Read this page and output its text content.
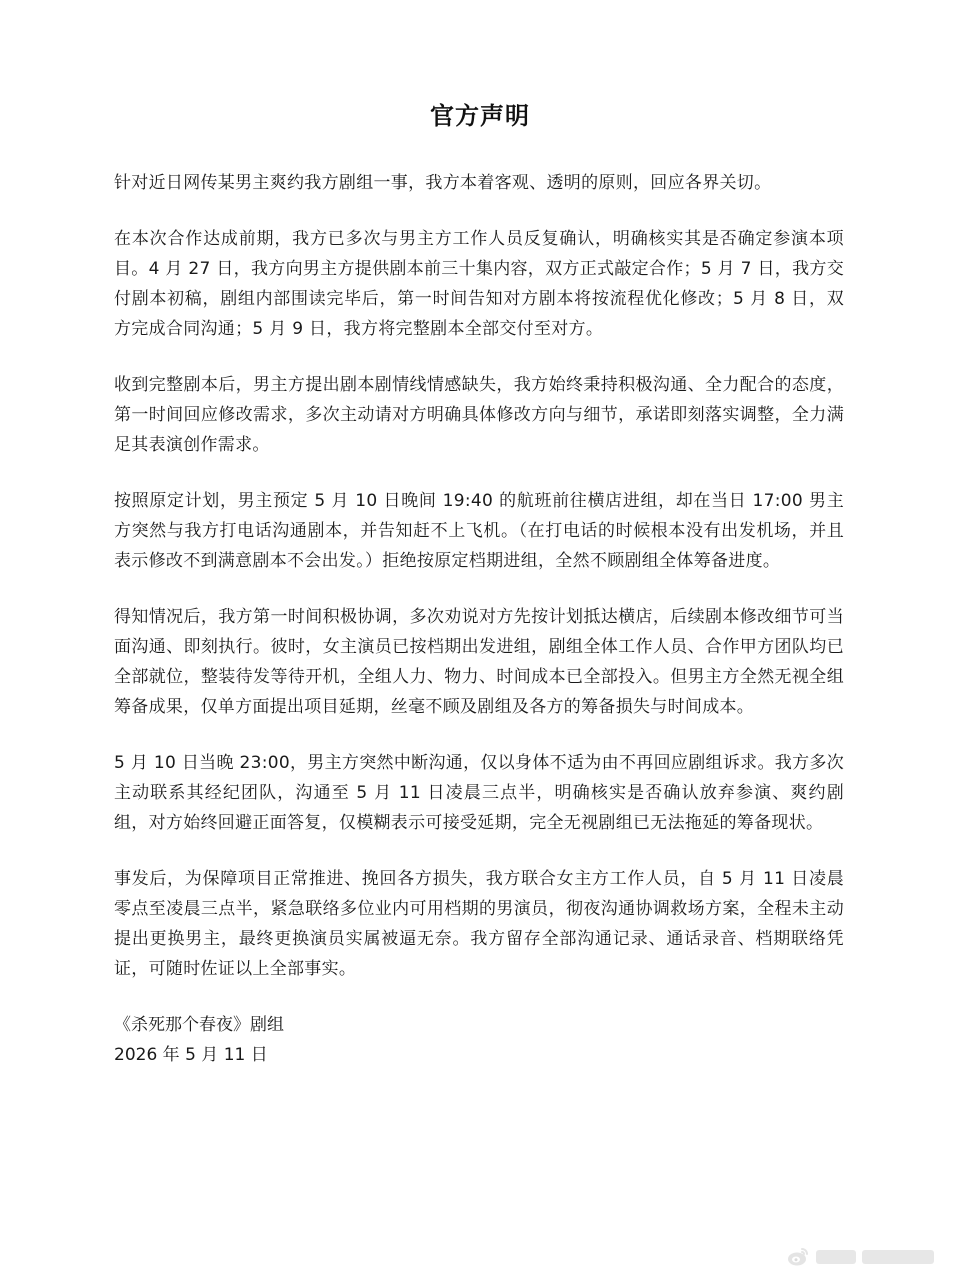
官方声明

针对近日网传某男主爽约我方剧组一事，我方本着客观、透明的原则，回应各界关切。

在本次合作达成前期，我方已多次与男主方工作人员反复确认，明确核实其是否确定参演本项目。4 月 27 日，我方向男主方提供剧本前三十集内容，双方正式敲定合作；5 月 7 日，我方交付剧本初稿，剧组内部围读完毕后，第一时间告知对方剧本将按流程优化修改；5 月 8 日，双方完成合同沟通；5 月 9 日，我方将完整剧本全部交付至对方。

收到完整剧本后，男主方提出剧本剧情线情感缺失，我方始终秉持积极沟通、全力配合的态度，第一时间回应修改需求，多次主动请对方明确具体修改方向与细节，承诺即刻落实调整，全力满足其表演创作需求。

按照原定计划，男主预定 5 月 10 日晚间 19:40 的航班前往横店进组，却在当日 17:00 男主方突然与我方打电话沟通剧本，并告知赶不上飞机。（在打电话的时候根本没有出发机场，并且表示修改不到满意剧本不会出发。）拒绝按原定档期进组，全然不顾剧组全体筹备进度。

得知情况后，我方第一时间积极协调，多次劝说对方先按计划抵达横店，后续剧本修改细节可当面沟通、即刻执行。彼时，女主演员已按档期出发进组，剧组全体工作人员、合作甲方团队均已全部就位，整装待发等待开机，全组人力、物力、时间成本已全部投入。但男主方全然无视全组筹备成果，仅单方面提出项目延期，丝毫不顾及剧组及各方的筹备损失与时间成本。

5 月 10 日当晚 23:00，男主方突然中断沟通，仅以身体不适为由不再回应剧组诉求。我方多次主动联系其经纪团队，沟通至 5 月 11 日凌晨三点半，明确核实是否确认放弃参演、爽约剧组，对方始终回避正面答复，仅模糊表示可接受延期，完全无视剧组已无法拖延的筹备现状。

事发后，为保障项目正常推进、挽回各方损失，我方联合女主方工作人员，自 5 月 11 日凌晨零点至凌晨三点半，紧急联络多位业内可用档期的男演员，彻夜沟通协调救场方案，全程未主动提出更换男主，最终更换演员实属被逼无奈。我方留存全部沟通记录、通话录音、档期联络凭证，可随时佐证以上全部事实。

《杀死那个春夜》剧组

2026 年 5 月 11 日
